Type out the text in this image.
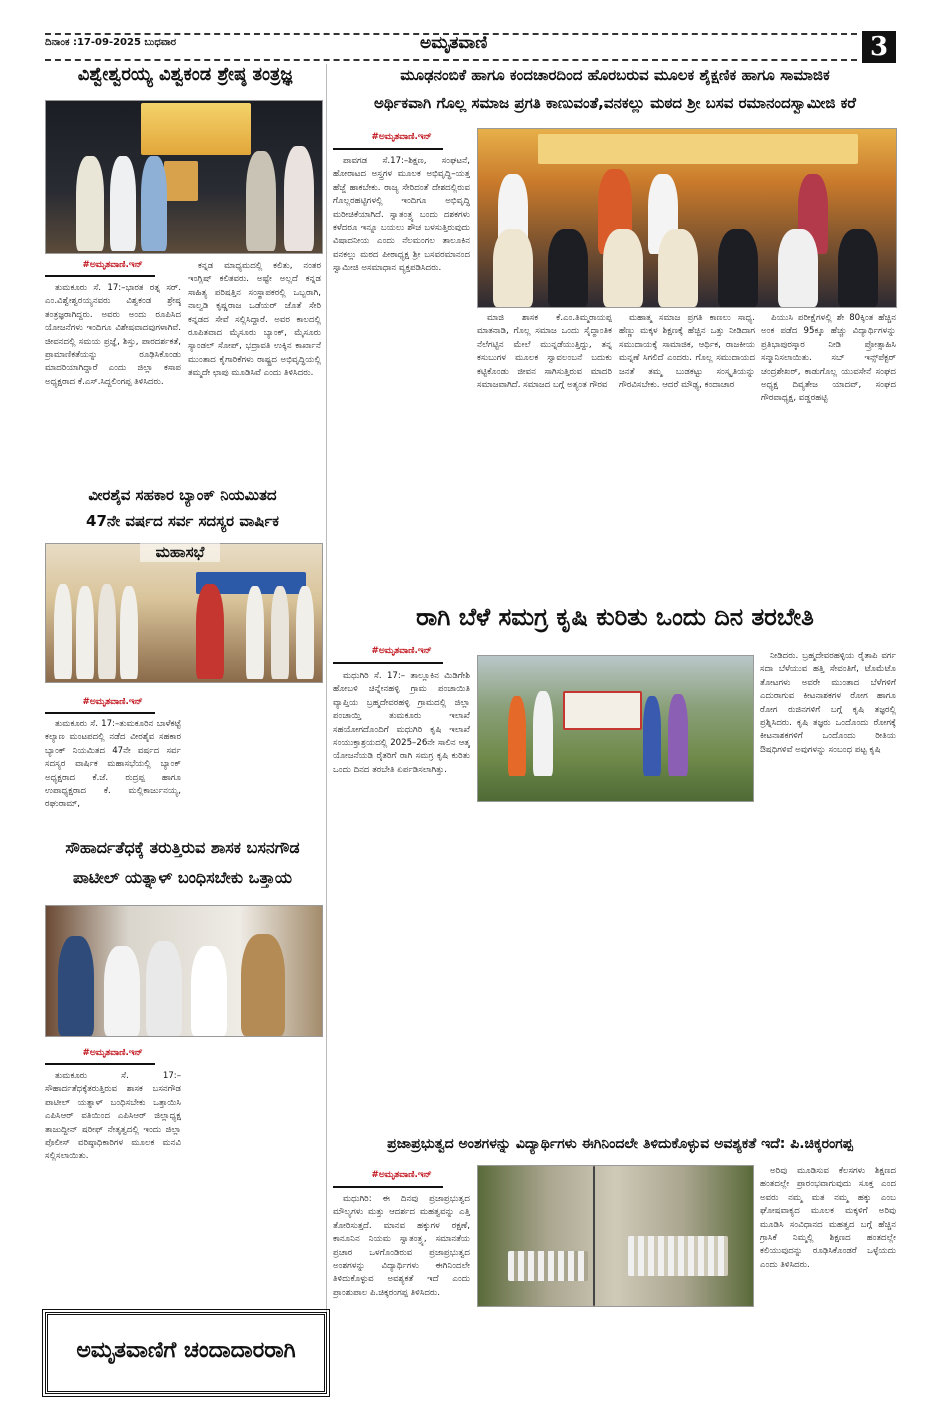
ದಿನಾಂಕ :17-09-2025 ಬುಧವಾರ	ಅಮೃತವಾಣಿ	3
ವಿಶ್ವೇಶ್ವರಯ್ಯ ವಿಶ್ವಕಂಡ ಶ್ರೇಷ್ಠ ತಂತ್ರಜ್ಞ
#ಅಮೃತವಾಣಿ.ಇನ್

ತುಮಕೂರು ಸೆ. 17:–ಭಾರತ ರತ್ನ ಸರ್. ಎಂ.ವಿಶ್ವೇಶ್ವರಯ್ಯನವರು ವಿಶ್ವಕಂಡ ಶ್ರೇಷ್ಠ ತಂತ್ರಜ್ಞರಾಗಿದ್ದರು. ಅವರು ಅಂದು ರೂಪಿಸಿದ ಯೋಜನೆಗಳು ಇಂದಿಗೂ ವಿಶೇಷವಾದವುಗಳಾಗಿವೆ. ಜೀವನದಲ್ಲಿ ಸಮಯ ಪ್ರಜ್ಞೆ, ಶಿಸ್ತು, ಪಾರದರ್ಶಕತೆ, ಪ್ರಾಮಾಣಿಕತೆಯನ್ನು ರೂಢಿಸಿಕೊಂಡು ಮಾದರಿಯಾಗಿದ್ದಾರೆ ಎಂದು ಜಿಲ್ಲಾ ಕಸಾಪ ಅಧ್ಯಕ್ಷರಾದ ಕೆ.ಎಸ್.ಸಿದ್ದಲಿಂಗಪ್ಪ ತಿಳಿಸಿದರು.

ಕನ್ನಡ ಮಾಧ್ಯಮದಲ್ಲಿ ಕಲಿತು, ನಂತರ ಇಂಗ್ಲಿಷ್ ಕಲಿತವರು. ಅಷ್ಟೇ ಅಲ್ಲದೆ ಕನ್ನಡ ಸಾಹಿತ್ಯ ಪರಿಷತ್ತಿನ ಸಂಸ್ಥಾಪಕರಲ್ಲಿ ಒಬ್ಬರಾಗಿ, ನಾಲ್ವಡಿ ಕೃಷ್ಣರಾಜ ಒಡೆಯರ್ ಜೊತೆ ಸೇರಿ ಕನ್ನಡದ ಸೇವೆ ಸಲ್ಲಿಸಿದ್ದಾರೆ. ಅವರ ಕಾಲದಲ್ಲಿ ರೂಪಿತವಾದ ಮೈಸೂರು ಬ್ಯಾಂಕ್, ಮೈಸೂರು ಸ್ಯಾಂಡಲ್ ಸೋಪ್, ಭದ್ರಾವತಿ ಉಕ್ಕಿನ ಕಾರ್ಖಾನೆ ಮುಂತಾದ ಕೈಗಾರಿಕೆಗಳು ರಾಷ್ಟ್ರದ ಅಭಿವೃದ್ಧಿಯಲ್ಲಿ ತಮ್ಮದೇ ಛಾಪು ಮೂಡಿಸಿವೆ ಎಂದು ತಿಳಿಸಿದರು.

ವೀರಶೈವ ಸಹಕಾರ ಬ್ಯಾಂಕ್ ನಿಯಮಿತದ
47ನೇ ವರ್ಷದ ಸರ್ವ ಸದಸ್ಯರ ವಾರ್ಷಿಕ
ಮಹಾಸಭೆ
#ಅಮೃತವಾಣಿ.ಇನ್

ತುಮಕೂರು ಸೆ. 17:–ತುಮಕೂರಿನ ಬಾಳೆಕಟ್ಟೆ ಕಲ್ಯಾಣ ಮಂಟಪದಲ್ಲಿ ನಡೆದ ವೀರಶೈವ ಸಹಕಾರ ಬ್ಯಾಂಕ್ ನಿಯಮಿತದ 47ನೇ ವರ್ಷದ ಸರ್ವ ಸದಸ್ಯರ ವಾರ್ಷಿಕ ಮಹಾಸಭೆಯಲ್ಲಿ ಬ್ಯಾಂಕ್ ಅಧ್ಯಕ್ಷರಾದ ಕೆ.ಜೆ. ರುದ್ರಪ್ಪ ಹಾಗೂ ಉಪಾಧ್ಯಕ್ಷರಾದ ಕೆ. ಮಲ್ಲಿಕಾರ್ಜುನಯ್ಯ, ರಘುರಾಮ್,

ಸೌಹಾರ್ದತೆಧಕ್ಕೆ ತರುತ್ತಿರುವ ಶಾಸಕ ಬಸನಗೌಡ
ಪಾಟೀಲ್ ಯತ್ನಾಳ್ ಬಂಧಿಸಬೇಕು ಒತ್ತಾಯ
#ಅಮೃತವಾಣಿ.ಇನ್

ತುಮಕೂರು ಸೆ. 17:– ಸೌಹಾರ್ದತೆಧಕ್ಕೆತರುತ್ತಿರುವ ಶಾಸಕ ಬಸನಗೌಡ ಪಾಟೀಲ್ ಯತ್ನಾಳ್ ಬಂಧಿಸಬೇಕು ಒತ್ತಾಯಿಸಿ ಎಪಿಸಿಆರ್ ವತಿಯಿಂದ ಎಪಿಸಿಆರ್ ಜಿಲ್ಲಾಧ್ಯಕ್ಷ ತಾಜುದ್ದೀನ್ ಷರೀಫ್ ನೇತೃತ್ವದಲ್ಲಿ ಇಂದು ಜಿಲ್ಲಾ ಪೊಲೀಸ್ ವರಿಷ್ಠಾಧಿಕಾರಿಗಳ ಮೂಲಕ ಮನವಿ ಸಲ್ಲಿಸಲಾಯಿತು.

ಅಮೃತವಾಣಿಗೆ ಚಂದಾದಾರರಾಗಿ
ಮೂಢನಂಬಿಕೆ ಹಾಗೂ ಕಂದಚಾರದಿಂದ ಹೊರಬರುವ ಮೂಲಕ ಶೈಕ್ಷಣಿಕ ಹಾಗೂ ಸಾಮಾಜಿಕ
ಅರ್ಥಿಕವಾಗಿ ಗೊಲ್ಲ ಸಮಾಜ ಪ್ರಗತಿ ಕಾಣುವಂತೆ,ವನಕಲ್ಲು ಮಠದ ಶ್ರೀ ಬಸವ ರಮಾನಂದಸ್ವಾಮೀಜಿ ಕರೆ
#ಅಮೃತವಾಣಿ.ಇನ್

ಪಾವಗಡ ಸೆ.17:–ಶಿಕ್ಷಣ, ಸಂಘಟನೆ, ಹೋರಾಟದ ಅಸ್ತ್ರಗಳ ಮೂಲಕ ಅಭಿವೃದ್ಧಿ–ಯತ್ತ ಹೆಜ್ಜೆ ಹಾಕಬೇಕು. ರಾಜ್ಯ ಸೇರಿದಂತೆ ದೇಶದಲ್ಲಿರುವ ಗೊಲ್ಲರಹಟ್ಟಿಗಳಲ್ಲಿ ಇಂದಿಗೂ ಅಭಿವೃದ್ಧಿ ಮರೀಚಿಕೆಯಾಗಿದೆ. ಸ್ವಾತಂತ್ರ್ಯ ಬಂದು ದಶಕಗಳು ಕಳೆದರೂ ಇನ್ನೂ ಬಯಲು ಶೌಚ ಬಳಸುತ್ತಿರುವುದು ವಿಷಾದನೀಯ ಎಂದು ನೆಲಮಂಗಲ ತಾಲೂಕಿನ ವನಕಲ್ಲು ಮಠದ ಪೀಠಾಧ್ಯಕ್ಷ ಶ್ರೀ ಬಸವರಮಾನಂದ ಸ್ವಾಮೀಜಿ ಅಸಮಾಧಾನ ವ್ಯಕ್ತಪಡಿಸಿದರು.

ಮಾಜಿ ಶಾಸಕ ಕೆ.ಎಂ.ತಿಮ್ಮರಾಯಪ್ಪ ಮಾತನಾಡಿ, ಗೊಲ್ಲ ಸಮಾಜ ಒಂದು ಸೈದ್ಧಾಂತಿಕ ನೆಲೆಗಟ್ಟಿನ ಮೇಲೆ ಮುನ್ನಡೆಯುತ್ತಿದ್ದು, ತನ್ನ ಕಸುಬುಗಳ ಮೂಲಕ ಸ್ವಾವಲಂಬನೆ ಬದುಕು ಕಟ್ಟಿಕೊಂಡು ಜೀವನ ಸಾಗಿಸುತ್ತಿರುವ ಮಾದರಿ ಸಮಾಜವಾಗಿದೆ. ಸಮಾಜದ ಬಗ್ಗೆ ಅತ್ಯಂತ ಗೌರವ

ಮಹಾತ್ಮ ಸಮಾಜ ಪ್ರಗತಿ ಕಾಣಲು ಸಾಧ್ಯ. ಹೆಣ್ಣು ಮಕ್ಕಳ ಶಿಕ್ಷಣಕ್ಕೆ ಹೆಚ್ಚಿನ ಒತ್ತು ನೀಡಿದಾಗ ಸಮುದಾಯಕ್ಕೆ ಸಾಮಾಜಿಕ, ಆರ್ಥಿಕ, ರಾಜಕೀಯ ಮನ್ನಣೆ ಸಿಗಲಿದೆ ಎಂದರು. ಗೊಲ್ಲ ಸಮುದಾಯದ ಜನತೆ ತಮ್ಮ ಬುಡಕಟ್ಟು ಸಂಸ್ಕೃತಿಯನ್ನು ಗೌರವಿಸಬೇಕು. ಆದರೆ ಮೌಢ್ಯ, ಕಂದಾಚಾರ

ಪಿಯುಸಿ ಪರೀಕ್ಷೆಗಳಲ್ಲಿ ಶೇ 80ಕ್ಕಿಂತ ಹೆಚ್ಚಿನ ಅಂಕ ಪಡೆದ 95ಕ್ಕೂ ಹೆಚ್ಚು ವಿದ್ಯಾರ್ಥಿಗಳನ್ನು ಪ್ರತಿಭಾಪುರಸ್ಕಾರ ನೀಡಿ ಪ್ರೋತ್ಸಾಹಿಸಿ ಸನ್ಮಾನಿಸಲಾಯಿತು. ಸಬ್ ಇನ್ಸ್‌ಪೆಕ್ಟರ್ ಚಂದ್ರಶೇಖರ್, ಕಾಡುಗೊಲ್ಲ ಯುವಸೇನೆ ಸಂಘದ ಅಧ್ಯಕ್ಷ ದಿವ್ಯತೇಜ ಯಾದವ್, ಸಂಘದ ಗೌರವಾಧ್ಯಕ್ಷ, ವಡ್ಡರಹಟ್ಟಿ

ರಾಗಿ ಬೆಳೆ ಸಮಗ್ರ ಕೃಷಿ ಕುರಿತು ಒಂದು ದಿನ ತರಬೇತಿ
#ಅಮೃತವಾಣಿ.ಇನ್

ಮಧುಗಿರಿ ಸೆ. 17:– ತಾಲ್ಲೂಕಿನ ಮಿಡಿಗೇಶಿ ಹೋಬಳಿ ಚಿನ್ನೇನಹಳ್ಳಿ ಗ್ರಾಮ ಪಂಚಾಯಿತಿ ವ್ಯಾಪ್ತಿಯ ಬ್ರಹ್ಮದೇವರಹಳ್ಳಿ ಗ್ರಾಮದಲ್ಲಿ ಜಿಲ್ಲಾ ಪಂಚಾಯ್ತಿ ತುಮಕೂರು ಇಲಾಖೆ ಸಹಯೋಗದೊಂದಿಗೆ ಮಧುಗಿರಿ ಕೃಷಿ ಇಲಾಖೆ ಸಂಯುಕ್ತಾಶ್ರಯದಲ್ಲಿ 2025–26ನೇ ಸಾಲಿನ ಆತ್ಮ ಯೋಜನೆಯಡಿ ರೈತರಿಗೆ ರಾಗಿ ಸಮಗ್ರ ಕೃಷಿ ಕುರಿತು ಒಂದು ದಿನದ ತರಬೇತಿ ಏರ್ಪಡಿಸಲಾಗಿತ್ತು.

ನೀಡಿದರು. ಬ್ರಹ್ಮದೇವರಹಳ್ಳಿಯ ರೈತಾಪಿ ವರ್ಗ ಸದಾ ಬೆಳೆಯುವ ಹತ್ತಿ ಸೇವಂತಿಗೆ, ಟೊಮೆಟೊ ತೋಟಗಳು ಅವರೇ ಮುಂತಾದ ಬೆಳೆಗಳಿಗೆ ಎದುರಾಗುವ ಕೀಟನಾಶಕಗಳ ರೋಗ ಹಾಗೂ ರೋಗ ರುಜಿನಗಳಿಗೆ ಬಗ್ಗೆ ಕೃಷಿ ತಜ್ಞರಲ್ಲಿ ಪ್ರಶ್ನಿಸಿದರು. ಕೃಷಿ ತಜ್ಞರು ಒಂದೊಂದು ರೋಗಕ್ಕೆ ಕೀಟನಾಶಕಗಳಿಗೆ ಒಂದೊಂದು ರೀತಿಯ ಔಷಧಿಗಳಿವೆ ಅವುಗಳನ್ನು ಸಂಬಂಧ ಪಟ್ಟ ಕೃಷಿ

ಪ್ರಜಾಪ್ರಭುತ್ವದ ಅಂಶಗಳನ್ನು ವಿದ್ಯಾರ್ಥಿಗಳು ಈಗಿನಿಂದಲೇ ತಿಳಿದುಕೊಳ್ಳುವ ಅವಶ್ಯಕತೆ ಇದೆ: ಪಿ.ಚಿಕ್ಕರಂಗಪ್ಪ
#ಅಮೃತವಾಣಿ.ಇನ್

ಮಧುಗಿರಿ: ಈ ದಿನವು ಪ್ರಜಾಪ್ರಭುತ್ವದ ಮೌಲ್ಯಗಳು ಮತ್ತು ಆದರ್ಶದ ಮಹತ್ವವನ್ನು ಎತ್ತಿ ತೋರಿಸುತ್ತದೆ. ಮಾನವ ಹಕ್ಕುಗಳ ರಕ್ಷಣೆ, ಕಾನೂನಿನ ನಿಯಮ ಸ್ವಾತಂತ್ರ್ಯ, ಸಮಾನತೆಯ ಪ್ರಚಾರ ಒಳಗೊಂಡಿರುವ ಪ್ರಜಾಪ್ರಭುತ್ವದ ಅಂಶಗಳನ್ನು ವಿದ್ಯಾರ್ಥಿಗಳು ಈಗಿನಿಂದಲೇ ತಿಳಿದುಕೊಳ್ಳುವ ಅವಶ್ಯಕತೆ ಇದೆ ಎಂದು ಪ್ರಾಂಶುಪಾಲ ಪಿ.ಚಿಕ್ಕರಂಗಪ್ಪ ತಿಳಿಸಿದರು.

ಅರಿವು ಮೂಡಿಸುವ ಕೆಲಸಗಳು ಶಿಕ್ಷಣದ ಹಂತದಲ್ಲೇ ಪ್ರಾರಂಭವಾಗುವುದು ಸೂಕ್ತ ಎಂದ ಅವರು ನಮ್ಮ ಮತ ನಮ್ಮ ಹಕ್ಕು ಎಂಬ ಘೋಷವಾಕ್ಯದ ಮೂಲಕ ಮಕ್ಕಳಿಗೆ ಅರಿವು ಮೂಡಿಸಿ ಸಂವಿಧಾನದ ಮಹತ್ವದ ಬಗ್ಗೆ ಹೆಚ್ಚಿನ ಗ್ರಾಸಿಕೆ ನಿಮ್ಮಲ್ಲಿ ಶಿಕ್ಷಣದ ಹಂತದಲ್ಲೇ ಕಲಿಯುವುದನ್ನು ರೂಢಿಸಿಕೊಂಡರೆ ಒಳ್ಳೆಯದು ಎಂದು ತಿಳಿಸಿದರು.
